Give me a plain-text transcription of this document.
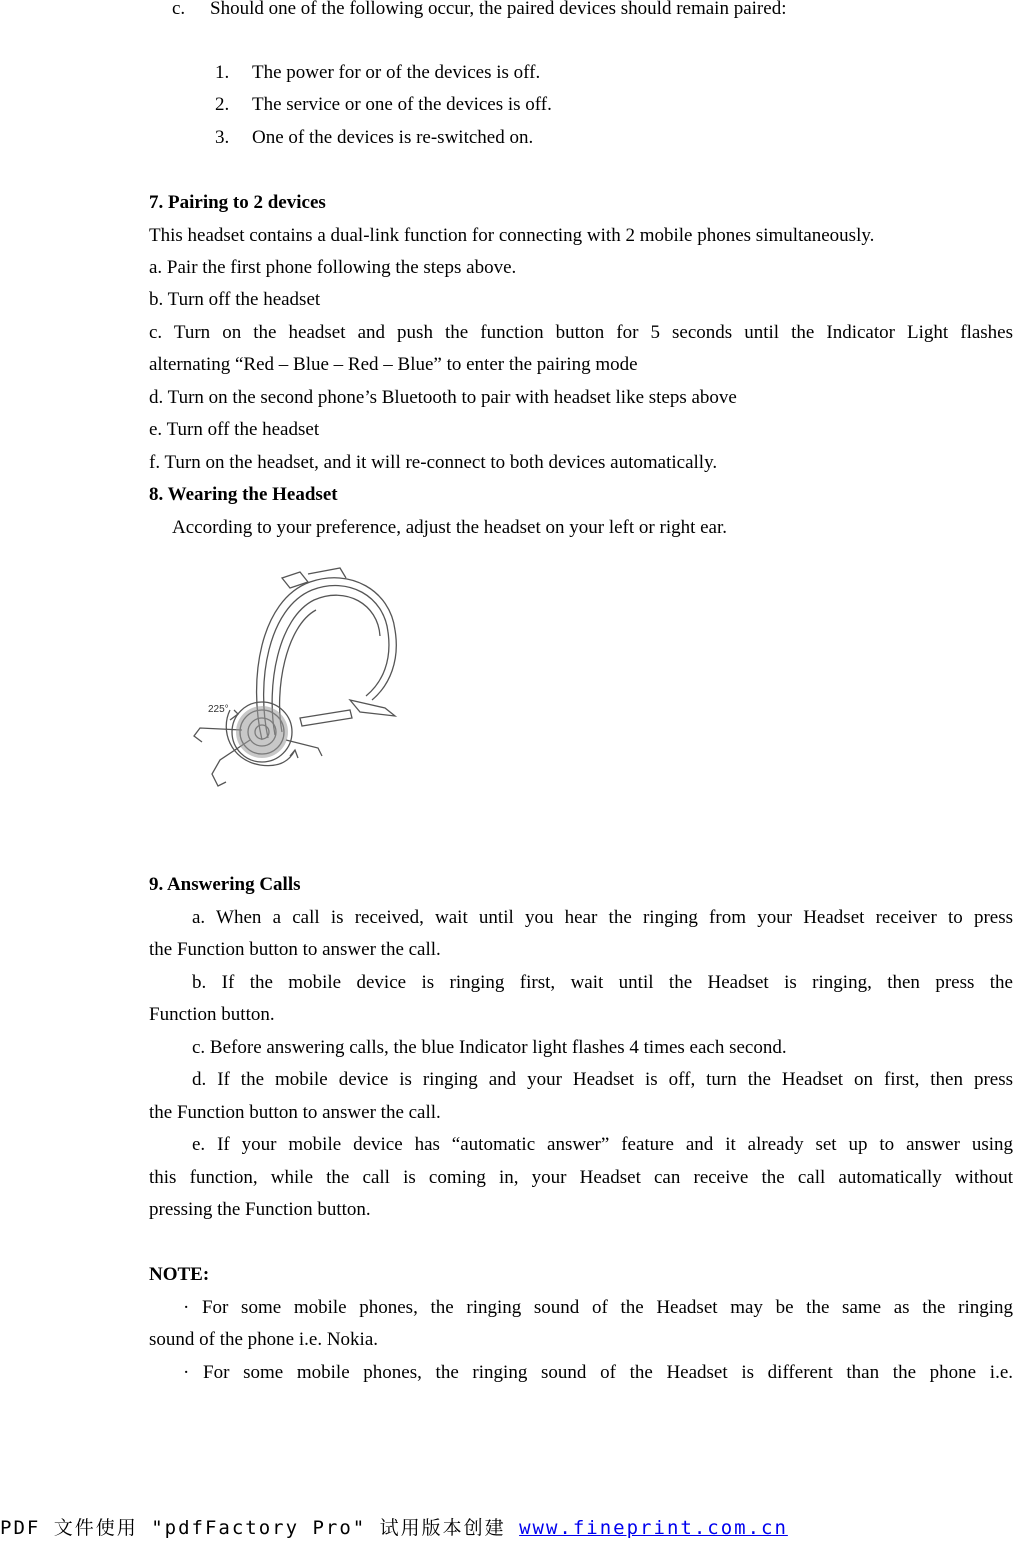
c. Should one of the following occur, the paired devices should remain paired:
1. The power for or of the devices is off.
2. The service or one of the devices is off.
3. One of the devices is re-switched on.
7. Pairing to 2 devices
This headset contains a dual-link function for connecting with 2 mobile phones simultaneously.
a. Pair the first phone following the steps above.
b. Turn off the headset
c. Turn on the headset and push the function button for 5 seconds until the Indicator Light flashes
alternating “Red – Blue – Red – Blue” to enter the pairing mode
d. Turn on the second phone’s Bluetooth to pair with headset like steps above
e. Turn off the headset
f. Turn on the headset, and it will re-connect to both devices automatically.
8. Wearing the Headset
According to your preference, adjust the headset on your left or right ear.
225°
9. Answering Calls
a. When a call is received, wait until you hear the ringing from your Headset receiver to press
the Function button to answer the call.
b. If the mobile device is ringing first, wait until the Headset is ringing, then press the
Function button.
c. Before answering calls, the blue Indicator light flashes 4 times each second.
d. If the mobile device is ringing and your Headset is off, turn the Headset on first, then press
the Function button to answer the call.
e. If your mobile device has “automatic answer” feature and it already set up to answer using
this function, while the call is coming in, your Headset can receive the call automatically without
pressing the Function button.
NOTE:
· For some mobile phones, the ringing sound of the Headset may be the same as the ringing
sound of the phone i.e. Nokia.
· For some mobile phones, the ringing sound of the Headset is different than the phone i.e.
PDF 文件使用 "pdfFactory Pro" 试用版本创建 www.fineprint.com.cn
